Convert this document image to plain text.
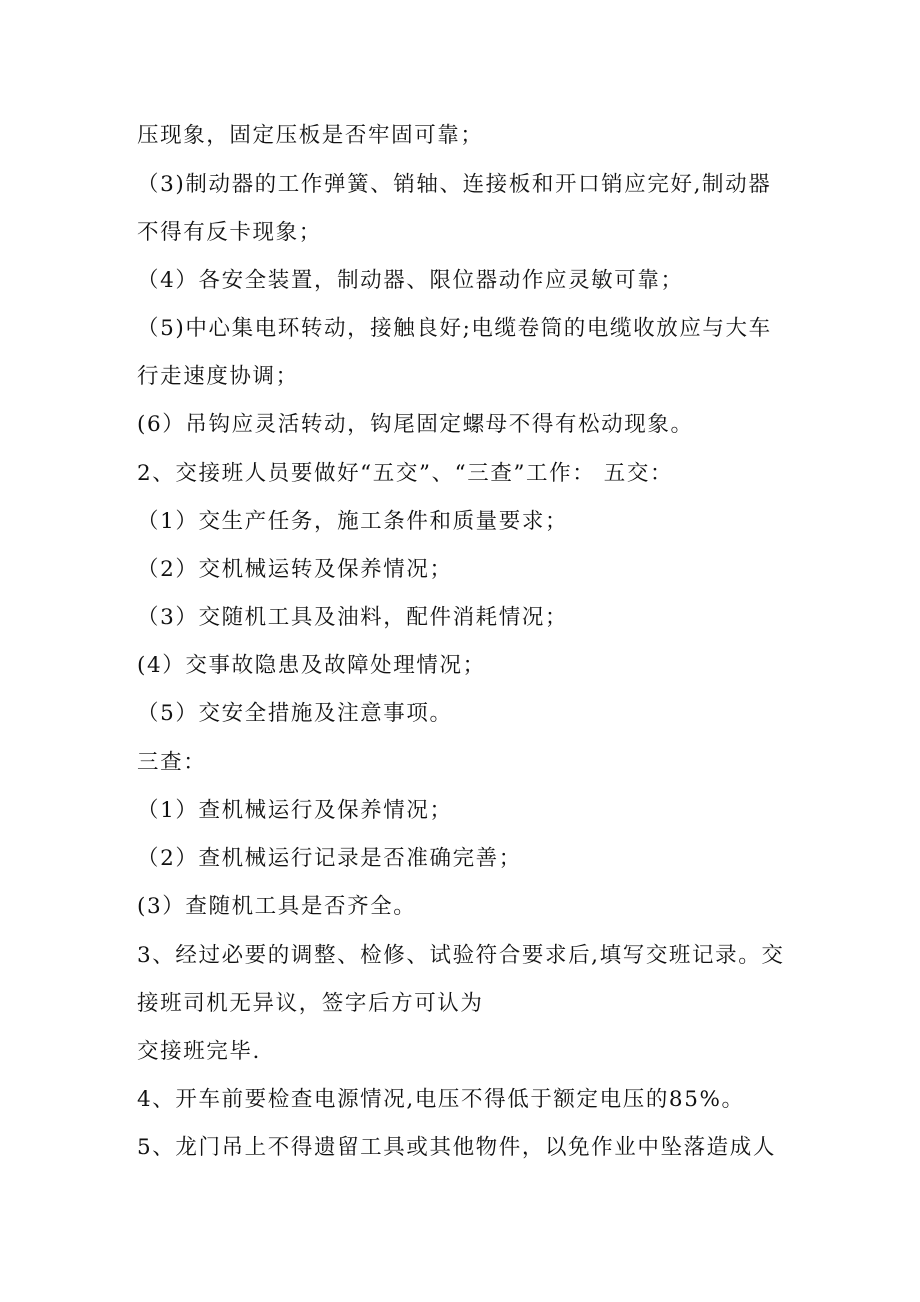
压现象，固定压板是否牢固可靠；
（3)制动器的工作弹簧、销轴、连接板和开口销应完好,制动器
不得有反卡现象；
（4）各安全装置，制动器、限位器动作应灵敏可靠；
（5)中心集电环转动，接触良好;电缆卷筒的电缆收放应与大车
行走速度协调；
(6）吊钩应灵活转动，钩尾固定螺母不得有松动现象。
2、交接班人员要做好“五交”、“三查”工作： 五交：
（1）交生产任务，施工条件和质量要求；
（2）交机械运转及保养情况；
（3）交随机工具及油料，配件消耗情况；
(4）交事故隐患及故障处理情况；
（5）交安全措施及注意事项。
三查：
（1）查机械运行及保养情况；
（2）查机械运行记录是否准确完善；
(3）查随机工具是否齐全。
3、经过必要的调整、检修、试验符合要求后,填写交班记录。交
接班司机无异议，签字后方可认为
交接班完毕.
4、开车前要检查电源情况,电压不得低于额定电压的85%。
5、龙门吊上不得遗留工具或其他物件，以免作业中坠落造成人
